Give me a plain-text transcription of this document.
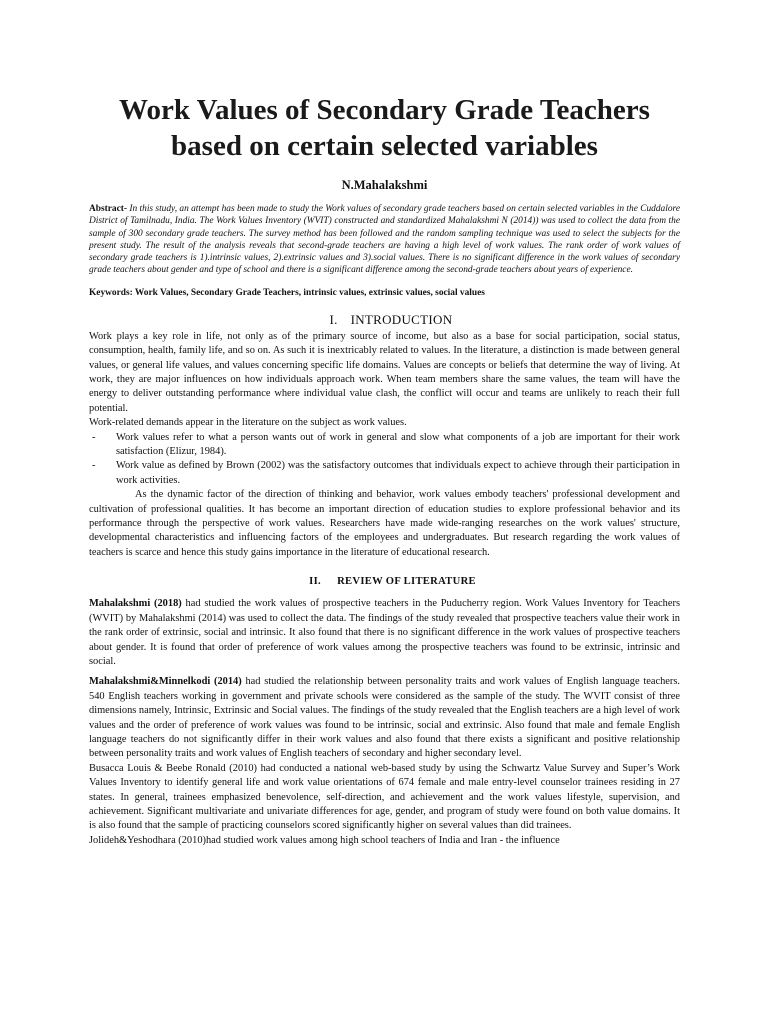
Work Values of Secondary Grade Teachers based on certain selected variables
N.Mahalakshmi
Abstract- In this study, an attempt has been made to study the Work values of secondary grade teachers based on certain selected variables in the Cuddalore District of Tamilnadu, India. The Work Values Inventory (WVIT) constructed and standardized Mahalakshmi N (2014)) was used to collect the data from the sample of 300 secondary grade teachers. The survey method has been followed and the random sampling technique was used to select the subjects for the present study. The result of the analysis reveals that second-grade teachers are having a high level of work values. The rank order of work values of secondary grade teachers is 1).intrinsic values, 2).extrinsic values and 3).social values. There is no significant difference in the work values of secondary grade teachers about gender and type of school and there is a significant difference among the second-grade teachers about years of experience.
Keywords: Work Values, Secondary Grade Teachers, intrinsic values, extrinsic values, social values
I. INTRODUCTION

Work plays a key role in life, not only as of the primary source of income, but also as a base for social participation, social status, consumption, health, family life, and so on. As such it is inextricably related to values. In the literature, a distinction is made between general values, or general life values, and values concerning specific life domains. Values are concepts or beliefs that determine the way of living. At work, they are major influences on how individuals approach work. When team members share the same values, the team will have the energy to deliver outstanding performance where individual value clash, the conflict will occur and teams are unlikely to reach their full potential.

Work-related demands appear in the literature on the subject as work values.

-	Work values refer to what a person wants out of work in general and slow what components of a job are important for their work satisfaction (Elizur, 1984).
-	Work value as defined by Brown (2002) was the satisfactory outcomes that individuals expect to achieve through their participation in work activities.

As the dynamic factor of the direction of thinking and behavior, work values embody teachers' professional development and cultivation of professional qualities. It has become an important direction of education studies to explore professional behavior and its performance through the perspective of work values. Researchers have made wide-ranging researches on the work values' structure, developmental characteristics and influencing factors of the employees and undergraduates. But research regarding the work values of teachers is scarce and hence this study gains importance in the literature of educational research.

II. REVIEW OF LITERATURE

Mahalakshmi (2018) had studied the work values of prospective teachers in the Puducherry region. Work Values Inventory for Teachers (WVIT) by Mahalakshmi (2014) was used to collect the data. The findings of the study revealed that prospective teachers value their work in the rank order of extrinsic, social and intrinsic. It also found that there is no significant difference in the work values of prospective teachers about gender. It is found that order of preference of work values among the prospective teachers was found to be extrinsic, intrinsic and social.

Mahalakshmi&Minnelkodi (2014) had studied the relationship between personality traits and work values of English language teachers. 540 English teachers working in government and private schools were considered as the sample of the study. The WVIT consist of three dimensions namely, Intrinsic, Extrinsic and Social values. The findings of the study revealed that the English teachers are a high level of work values and the order of preference of work values was found to be intrinsic, social and extrinsic. Also found that male and female English language teachers do not significantly differ in their work values and also found that there exists a significant and positive relationship between personality traits and work values of English teachers of secondary and higher secondary level.

Busacca Louis & Beebe Ronald (2010) had conducted a national web-based study by using the Schwartz Value Survey and Super’s Work Values Inventory to identify general life and work value orientations of 674 female and male entry-level counselor trainees residing in 27 states. In general, trainees emphasized benevolence, self-direction, and achievement and the work values lifestyle, supervision, and achievement. Significant multivariate and univariate differences for age, gender, and program of study were found on both value domains. It is also found that the sample of practicing counselors scored significantly higher on several values than did trainees.

Jolideh&Yeshodhara (2010)had studied work values among high school teachers of India and Iran - the influence
